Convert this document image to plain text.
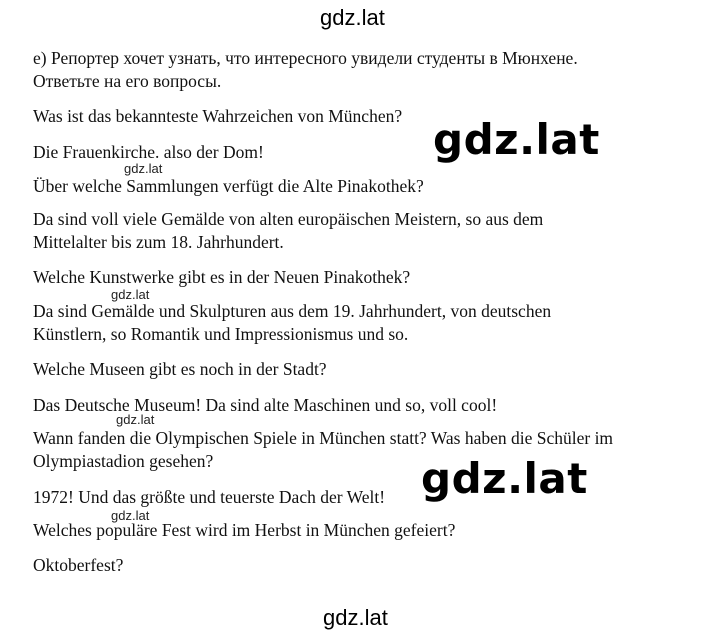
gdz.lat

е) Репортер хочет узнать, что интересного увидели студенты в Мюнхене.

Ответьте на его вопросы.

Was ist das bekannteste Wahrzeichen von München?

Die Frauenkirche. also der Dom!

Über welche Sammlungen verfügt die Alte Pinakothek?

Da sind voll viele Gemälde von alten europäischen Meistern, so aus dem

Mittelalter bis zum 18. Jahrhundert.

Welche Kunstwerke gibt es in der Neuen Pinakothek?

Da sind Gemälde und Skulpturen aus dem 19. Jahrhundert, von deutschen

Künstlern, so Romantik und Impressionismus und so.

Welche Museen gibt es noch in der Stadt?

Das Deutsche Museum! Da sind alte Maschinen und so, voll cool!

Wann fanden die Olympischen Spiele in München statt? Was haben die Schüler im

Olympiastadion gesehen?

1972! Und das größte und teuerste Dach der Welt!

Welches populäre Fest wird im Herbst in München gefeiert?

Oktoberfest?

gdz.lat
gdz.lat
gdz.lat
gdz.lat
gdz.lat
gdz.lat
gdz.lat
